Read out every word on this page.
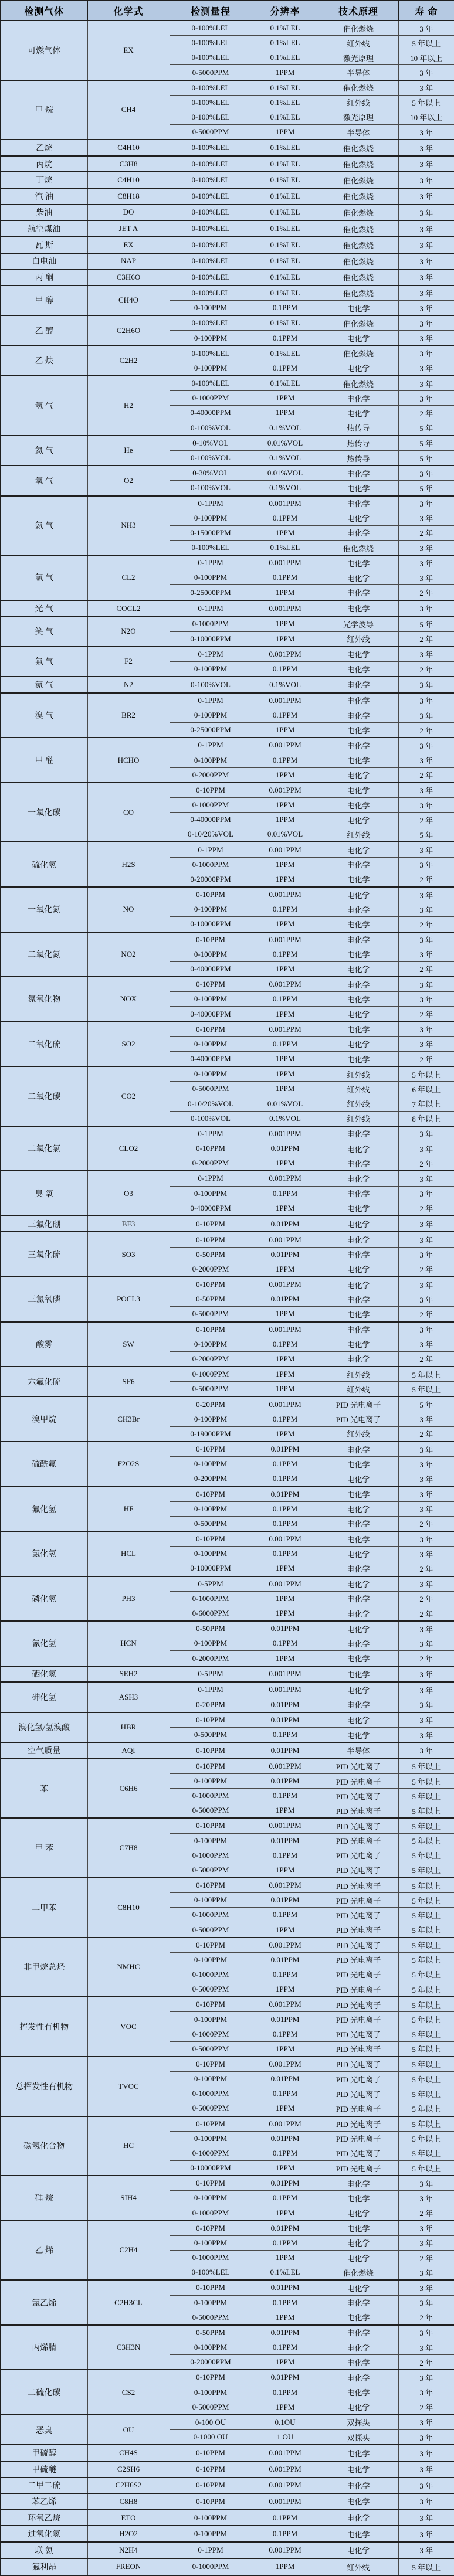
检测气体	化学式	检测量程	分辨率	技术原理	寿 命
可燃气体	EX	0-100%LEL	0.1%LEL	催化燃烧	3 年
		0-100%LEL	0.1%LEL	红外线	5 年以上
		0-100%LEL	0.1%LEL	激光原理	10 年以上
		0-5000PPM	1PPM	半导体	3 年
甲 烷	CH4	0-100%LEL	0.1%LEL	催化燃烧	3 年
		0-100%LEL	0.1%LEL	红外线	5 年以上
		0-100%LEL	0.1%LEL	激光原理	10 年以上
		0-5000PPM	1PPM	半导体	3 年
乙烷	C4H10	0-100%LEL	0.1%LEL	催化燃烧	3 年
丙烷	C3H8	0-100%LEL	0.1%LEL	催化燃烧	3 年
丁烷	C4H10	0-100%LEL	0.1%LEL	催化燃烧	3 年
汽 油	C8H18	0-100%LEL	0.1%LEL	催化燃烧	3 年
柴油	DO	0-100%LEL	0.1%LEL	催化燃烧	3 年
航空煤油	JET A	0-100%LEL	0.1%LEL	催化燃烧	3 年
瓦 斯	EX	0-100%LEL	0.1%LEL	催化燃烧	3 年
白电油	NAP	0-100%LEL	0.1%LEL	催化燃烧	3 年
丙 酮	C3H6O	0-100%LEL	0.1%LEL	催化燃烧	3 年
甲 醇	CH4O	0-100%LEL	0.1%LEL	催化燃烧	3 年
		0-100PPM	0.1PPM	电化学	3 年
乙 醇	C2H6O	0-100%LEL	0.1%LEL	催化燃烧	3 年
		0-100PPM	0.1PPM	电化学	3 年
乙 炔	C2H2	0-100%LEL	0.1%LEL	催化燃烧	3 年
		0-100PPM	0.1PPM	电化学	3 年
氢 气	H2	0-100%LEL	0.1%LEL	催化燃烧	3 年
		0-1000PPM	1PPM	电化学	3 年
		0-40000PPM	1PPM	电化学	2 年
		0-100%VOL	0.1%VOL	热传导	5 年
氦 气	He	0-10%VOL	0.01%VOL	热传导	5 年
		0-100%VOL	0.1%VOL	热传导	5 年
氧 气	O2	0-30%VOL	0.01%VOL	电化学	3 年
		0-100%VOL	0.1%VOL	电化学	5 年
氨 气	NH3	0-1PPM	0.001PPM	电化学	3 年
		0-100PPM	0.1PPM	电化学	3 年
		0-15000PPM	1PPM	电化学	2 年
		0-100%LEL	0.1%LEL	催化燃烧	3 年
氯 气	CL2	0-1PPM	0.001PPM	电化学	3 年
		0-100PPM	0.1PPM	电化学	3 年
		0-25000PPM	1PPM	电化学	2 年
光 气	COCL2	0-1PPM	0.001PPM	电化学	3 年
笑 气	N2O	0-1000PPM	1PPM	光学波导	5 年
		0-10000PPM	1PPM	红外线	2 年
氟 气	F2	0-1PPM	0.001PPM	电化学	3 年
		0-100PPM	0.1PPM	电化学	2 年
氮 气	N2	0-100%VOL	0.1%VOL	电化学	3 年
溴 气	BR2	0-1PPM	0.001PPM	电化学	3 年
		0-100PPM	0.1PPM	电化学	3 年
		0-25000PPM	1PPM	电化学	2 年
甲 醛	HCHO	0-1PPM	0.001PPM	电化学	3 年
		0-100PPM	0.1PPM	电化学	3 年
		0-2000PPM	1PPM	电化学	2 年
一氧化碳	CO	0-10PPM	0.001PPM	电化学	3 年
		0-1000PPM	1PPM	电化学	3 年
		0-40000PPM	1PPM	电化学	2 年
		0-10/20%VOL	0.01%VOL	红外线	5 年
硫化氢	H2S	0-1PPM	0.001PPM	电化学	3 年
		0-1000PPM	1PPM	电化学	3 年
		0-20000PPM	1PPM	电化学	2 年
一氧化氮	NO	0-10PPM	0.001PPM	电化学	3 年
		0-100PPM	0.1PPM	电化学	3 年
		0-10000PPM	1PPM	电化学	2 年
二氧化氮	NO2	0-10PPM	0.001PPM	电化学	3 年
		0-100PPM	0.1PPM	电化学	3 年
		0-40000PPM	1PPM	电化学	2 年
氮氧化物	NOX	0-10PPM	0.001PPM	电化学	3 年
		0-100PPM	0.1PPM	电化学	3 年
		0-40000PPM	1PPM	电化学	2 年
二氧化硫	SO2	0-10PPM	0.001PPM	电化学	3 年
		0-100PPM	0.1PPM	电化学	3 年
		0-40000PPM	1PPM	电化学	2 年
二氧化碳	CO2	0-100PPM	1PPM	红外线	5 年以上
		0-5000PPM	1PPM	红外线	6 年以上
		0-10/20%VOL	0.01%VOL	红外线	7 年以上
		0-100%VOL	0.1%VOL	红外线	8 年以上
二氧化氯	CLO2	0-1PPM	0.001PPM	电化学	3 年
		0-10PPM	0.01PPM	电化学	3 年
		0-2000PPM	1PPM	电化学	2 年
臭 氧	O3	0-1PPM	0.001PPM	电化学	3 年
		0-100PPM	0.1PPM	电化学	3 年
		0-40000PPM	1PPM	电化学	2 年
三氟化硼	BF3	0-10PPM	0.01PPM	电化学	3 年
三氧化硫	SO3	0-10PPM	0.001PPM	电化学	3 年
		0-50PPM	0.01PPM	电化学	3 年
		0-2000PPM	1PPM	电化学	2 年
三氯氧磷	POCL3	0-10PPM	0.001PPM	电化学	3 年
		0-50PPM	0.01PPM	电化学	3 年
		0-5000PPM	1PPM	电化学	2 年
酸雾	SW	0-10PPM	0.001PPM	电化学	3 年
		0-100PPM	0.1PPM	电化学	3 年
		0-2000PPM	1PPM	电化学	2 年
六氟化硫	SF6	0-1000PPM	1PPM	红外线	5 年以上
		0-5000PPM	1PPM	红外线	5 年以上
溴甲烷	CH3Br	0-20PPM	0.001PPM	PID 光电离子	5 年
		0-100PPM	0.1PPM	PID 光电离子	3 年
		0-19000PPM	1PPM	红外线	2 年
硫酰氟	F2O2S	0-10PPM	0.01PPM	电化学	3 年
		0-100PPM	0.1PPM	电化学	3 年
		0-200PPM	0.1PPM	电化学	3 年
氟化氢	HF	0-10PPM	0.01PPM	电化学	3 年
		0-100PPM	0.1PPM	电化学	3 年
		0-500PPM	0.1PPM	电化学	2 年
氯化氢	HCL	0-10PPM	0.001PPM	电化学	3 年
		0-100PPM	0.1PPM	电化学	3 年
		0-10000PPM	1PPM	电化学	2 年
磷化氢	PH3	0-5PPM	0.001PPM	电化学	3 年
		0-1000PPM	1PPM	电化学	2 年
		0-6000PPM	1PPM	电化学	2 年
氰化氢	HCN	0-50PPM	0.01PPM	电化学	3 年
		0-100PPM	0.1PPM	电化学	3 年
		0-2000PPM	1PPM	电化学	2 年
硒化氢	SEH2	0-5PPM	0.001PPM	电化学	3 年
砷化氢	ASH3	0-1PPM	0.001PPM	电化学	3 年
		0-20PPM	0.01PPM	电化学	3 年
溴化氢/氢溴酸	HBR	0-10PPM	0.01PPM	电化学	3 年
		0-500PPM	0.1PPM	电化学	3 年
空气质量	AQI	0-10PPM	0.01PPM	半导体	3 年
苯	C6H6	0-10PPM	0.001PPM	PID 光电离子	5 年以上
		0-100PPM	0.01PPM	PID 光电离子	5 年以上
		0-1000PPM	0.1PPM	PID 光电离子	5 年以上
		0-5000PPM	1PPM	PID 光电离子	5 年以上
甲 苯	C7H8	0-10PPM	0.001PPM	PID 光电离子	5 年以上
		0-100PPM	0.01PPM	PID 光电离子	5 年以上
		0-1000PPM	0.1PPM	PID 光电离子	5 年以上
		0-5000PPM	1PPM	PID 光电离子	5 年以上
二甲苯	C8H10	0-10PPM	0.001PPM	PID 光电离子	5 年以上
		0-100PPM	0.01PPM	PID 光电离子	5 年以上
		0-1000PPM	0.1PPM	PID 光电离子	5 年以上
		0-5000PPM	1PPM	PID 光电离子	5 年以上
非甲烷总烃	NMHC	0-10PPM	0.001PPM	PID 光电离子	5 年以上
		0-100PPM	0.01PPM	PID 光电离子	5 年以上
		0-1000PPM	0.1PPM	PID 光电离子	5 年以上
		0-5000PPM	1PPM	PID 光电离子	5 年以上
挥发性有机物	VOC	0-10PPM	0.001PPM	PID 光电离子	5 年以上
		0-100PPM	0.01PPM	PID 光电离子	5 年以上
		0-1000PPM	0.1PPM	PID 光电离子	5 年以上
		0-5000PPM	1PPM	PID 光电离子	5 年以上
总挥发性有机物	TVOC	0-10PPM	0.001PPM	PID 光电离子	5 年以上
		0-100PPM	0.01PPM	PID 光电离子	5 年以上
		0-1000PPM	0.1PPM	PID 光电离子	5 年以上
		0-5000PPM	1PPM	PID 光电离子	5 年以上
碳氢化合物	HC	0-10PPM	0.001PPM	PID 光电离子	5 年以上
		0-100PPM	0.01PPM	PID 光电离子	5 年以上
		0-1000PPM	0.1PPM	PID 光电离子	5 年以上
		0-10000PPM	1PPM	PID 光电离子	5 年以上
硅 烷	SIH4	0-10PPM	0.01PPM	电化学	3 年
		0-100PPM	0.1PPM	电化学	3 年
		0-1000PPM	1PPM	电化学	2 年
乙 烯	C2H4	0-10PPM	0.01PPM	电化学	3 年
		0-100PPM	0.1PPM	电化学	3 年
		0-1000PPM	1PPM	电化学	2 年
		0-100%LEL	0.1%LEL	催化燃烧	3 年
氯乙烯	C2H3CL	0-10PPM	0.01PPM	电化学	3 年
		0-100PPM	0.1PPM	电化学	3 年
		0-5000PPM	1PPM	电化学	2 年
丙烯腈	C3H3N	0-50PPM	0.01PPM	电化学	3 年
		0-100PPM	0.1PPM	电化学	3 年
		0-20000PPM	1PPM	电化学	2 年
二硫化碳	CS2	0-10PPM	0.01PPM	电化学	3 年
		0-100PPM	0.1PPM	电化学	3 年
		0-5000PPM	1PPM	电化学	2 年
恶臭	OU	0-100 OU	0.1OU	双探头	3 年
		0-1000 OU	1 OU	双探头	3 年
甲硫醇	CH4S	0-10PPM	0.001PPM	电化学	3 年
甲硫醚	C2SH6	0-10PPM	0.001PPM	电化学	3 年
二甲二硫	C2H6S2	0-10PPM	0.001PPM	电化学	3 年
苯乙烯	C8H8	0-10PPM	0.001PPM	电化学	3 年
环氧乙烷	ETO	0-100PPM	0.1PPM	电化学	3 年
过氧化氢	H2O2	0-100PPM	0.1PPM	电化学	3 年
联 氨	N2H4	0-1PPM	0.001PPM	电化学	3 年
氟利昂	FREON	0-1000PPM	1PPM	红外线	5 年以上
